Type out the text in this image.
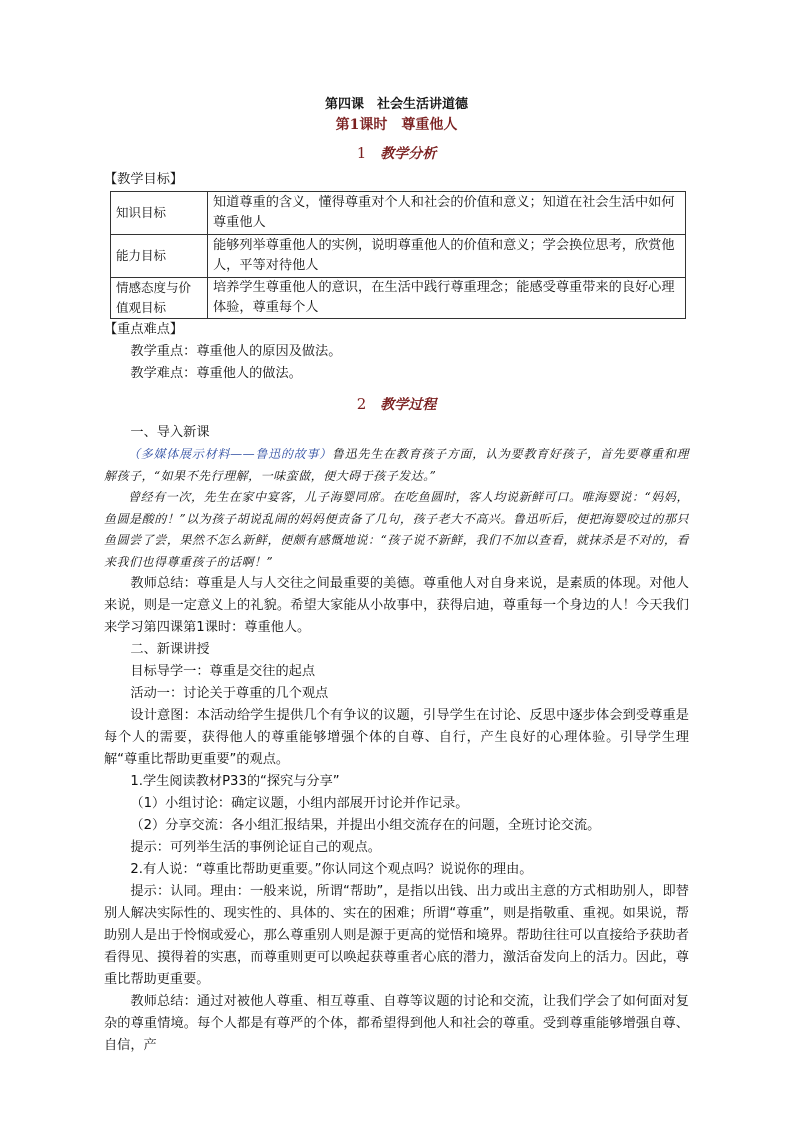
第四课　社会生活讲道德
第1课时　尊重他人
1 教学分析

【教学目标】

知识目标	知道尊重的含义，懂得尊重对个人和社会的价值和意义；知道在社会生活中如何尊重他人
能力目标	能够列举尊重他人的实例，说明尊重他人的价值和意义；学会换位思考，欣赏他人，平等对待他人
情感态度与价值观目标	培养学生尊重他人的意识，在生活中践行尊重理念；能感受尊重带来的良好心理体验，尊重每个人

【重点难点】

教学重点：尊重他人的原因及做法。

教学难点：尊重他人的做法。

2 教学过程

一、导入新课

（多媒体展示材料——鲁迅的故事）鲁迅先生在教育孩子方面，认为要教育好孩子，首先要尊重和理解孩子，“如果不先行理解，一味蛮做，便大碍于孩子发达。”

曾经有一次，先生在家中宴客，儿子海婴同席。在吃鱼圆时，客人均说新鲜可口。唯海婴说：“妈妈，鱼圆是酸的！”以为孩子胡说乱闹的妈妈便责备了几句，孩子老大不高兴。鲁迅听后，便把海婴咬过的那只鱼圆尝了尝，果然不怎么新鲜，便颇有感慨地说：“孩子说不新鲜，我们不加以查看，就抹杀是不对的，看来我们也得尊重孩子的话啊！”

教师总结：尊重是人与人交往之间最重要的美德。尊重他人对自身来说，是素质的体现。对他人来说，则是一定意义上的礼貌。希望大家能从小故事中，获得启迪，尊重每一个身边的人！今天我们来学习第四课第1课时：尊重他人。

二、新课讲授

目标导学一：尊重是交往的起点

活动一：讨论关于尊重的几个观点

设计意图：本活动给学生提供几个有争议的议题，引导学生在讨论、反思中逐步体会到受尊重是每个人的需要，获得他人的尊重能够增强个体的自尊、自行，产生良好的心理体验。引导学生理解“尊重比帮助更重要”的观点。

1.学生阅读教材P33的“探究与分享”

（1）小组讨论：确定议题，小组内部展开讨论并作记录。

（2）分享交流：各小组汇报结果，并提出小组交流存在的问题，全班讨论交流。

提示：可列举生活的事例论证自己的观点。

2.有人说：“尊重比帮助更重要。”你认同这个观点吗？说说你的理由。

提示：认同。理由：一般来说，所谓“帮助”，是指以出钱、出力或出主意的方式相助别人，即替别人解决实际性的、现实性的、具体的、实在的困难；所谓“尊重”，则是指敬重、重视。如果说，帮助别人是出于怜悯或爱心，那么尊重别人则是源于更高的觉悟和境界。帮助往往可以直接给予获助者看得见、摸得着的实惠，而尊重则更可以唤起获尊重者心底的潜力，激活奋发向上的活力。因此，尊重比帮助更重要。

教师总结：通过对被他人尊重、相互尊重、自尊等议题的讨论和交流，让我们学会了如何面对复杂的尊重情境。每个人都是有尊严的个体，都希望得到他人和社会的尊重。受到尊重能够增强自尊、自信，产
